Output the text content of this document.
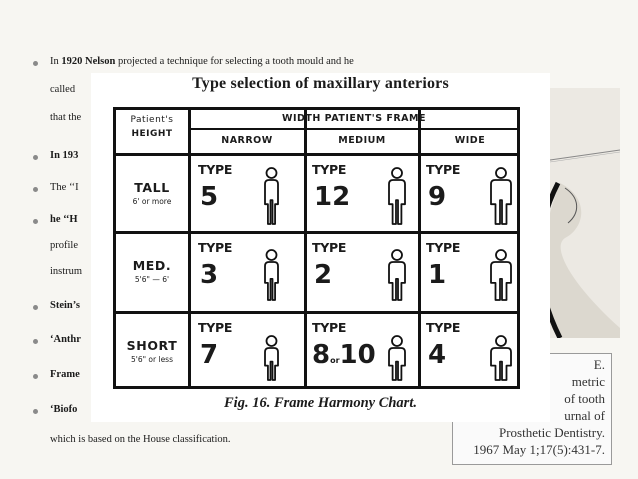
In 1920 Nelson projected a technique for selecting a tooth mould and he
called
that the
In 193
The ‘‘I
he ‘‘H
profile
instrum
Stein’s
‘Anthr
Frame
‘Biofo
which is based on the House classification.
E.
metric
of tooth
urnal of
Prosthetic Dentistry.
1967 May 1;17(5):431-7.
Type selection of maxillary anteriors
WIDTH PATIENT'S FRAME
NARROW	MEDIUM	WIDE
Patient's
HEIGHT
TALL
6' or more
MED.
5'6" — 6'
SHORT
5'6" or less
TYPE
5
TYPE
12
TYPE
9
TYPE
3
TYPE
2
TYPE
1
TYPE
7
TYPE
8or10
TYPE
4
Fig. 16. Frame Harmony Chart.
